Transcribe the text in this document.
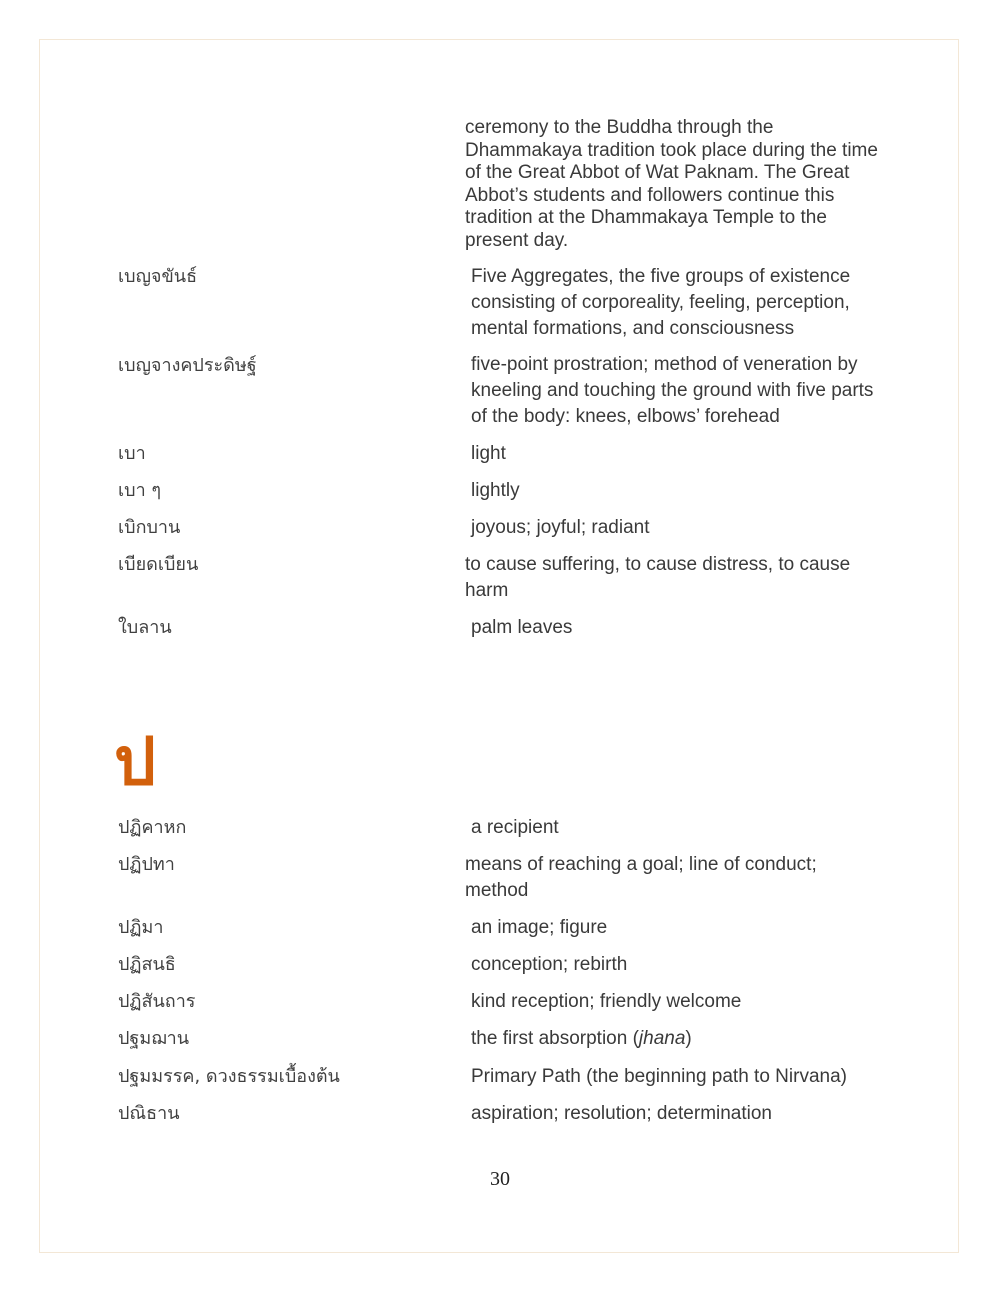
ceremony to the Buddha through the Dhammakaya tradition took place during the time of the Great Abbot of Wat Paknam. The Great Abbot’s students and followers continue this tradition at the Dhammakaya Temple to the present day.
เบญจขันธ์	Five Aggregates, the five groups of existence consisting of corporeality, feeling, perception, mental formations, and consciousness
เบญจางคประดิษฐ์	five-point prostration; method of veneration by kneeling and touching the ground with five parts of the body: knees, elbows’ forehead
เบา	light
เบา ๆ	lightly
เบิกบาน	joyous; joyful; radiant
เบียดเบียน	to cause suffering, to cause distress, to cause harm
ใบลาน	palm leaves
ป
ปฏิคาหก	a recipient
ปฏิปทา	means of reaching a goal; line of conduct; method
ปฏิมา	an image; figure
ปฏิสนธิ	conception; rebirth
ปฏิสันถาร	kind reception; friendly welcome
ปฐมฌาน	the first absorption (jhana)
ปฐมมรรค, ดวงธรรมเบื้องต้น	Primary Path (the beginning path to Nirvana)
ปณิธาน	aspiration; resolution; determination
30
